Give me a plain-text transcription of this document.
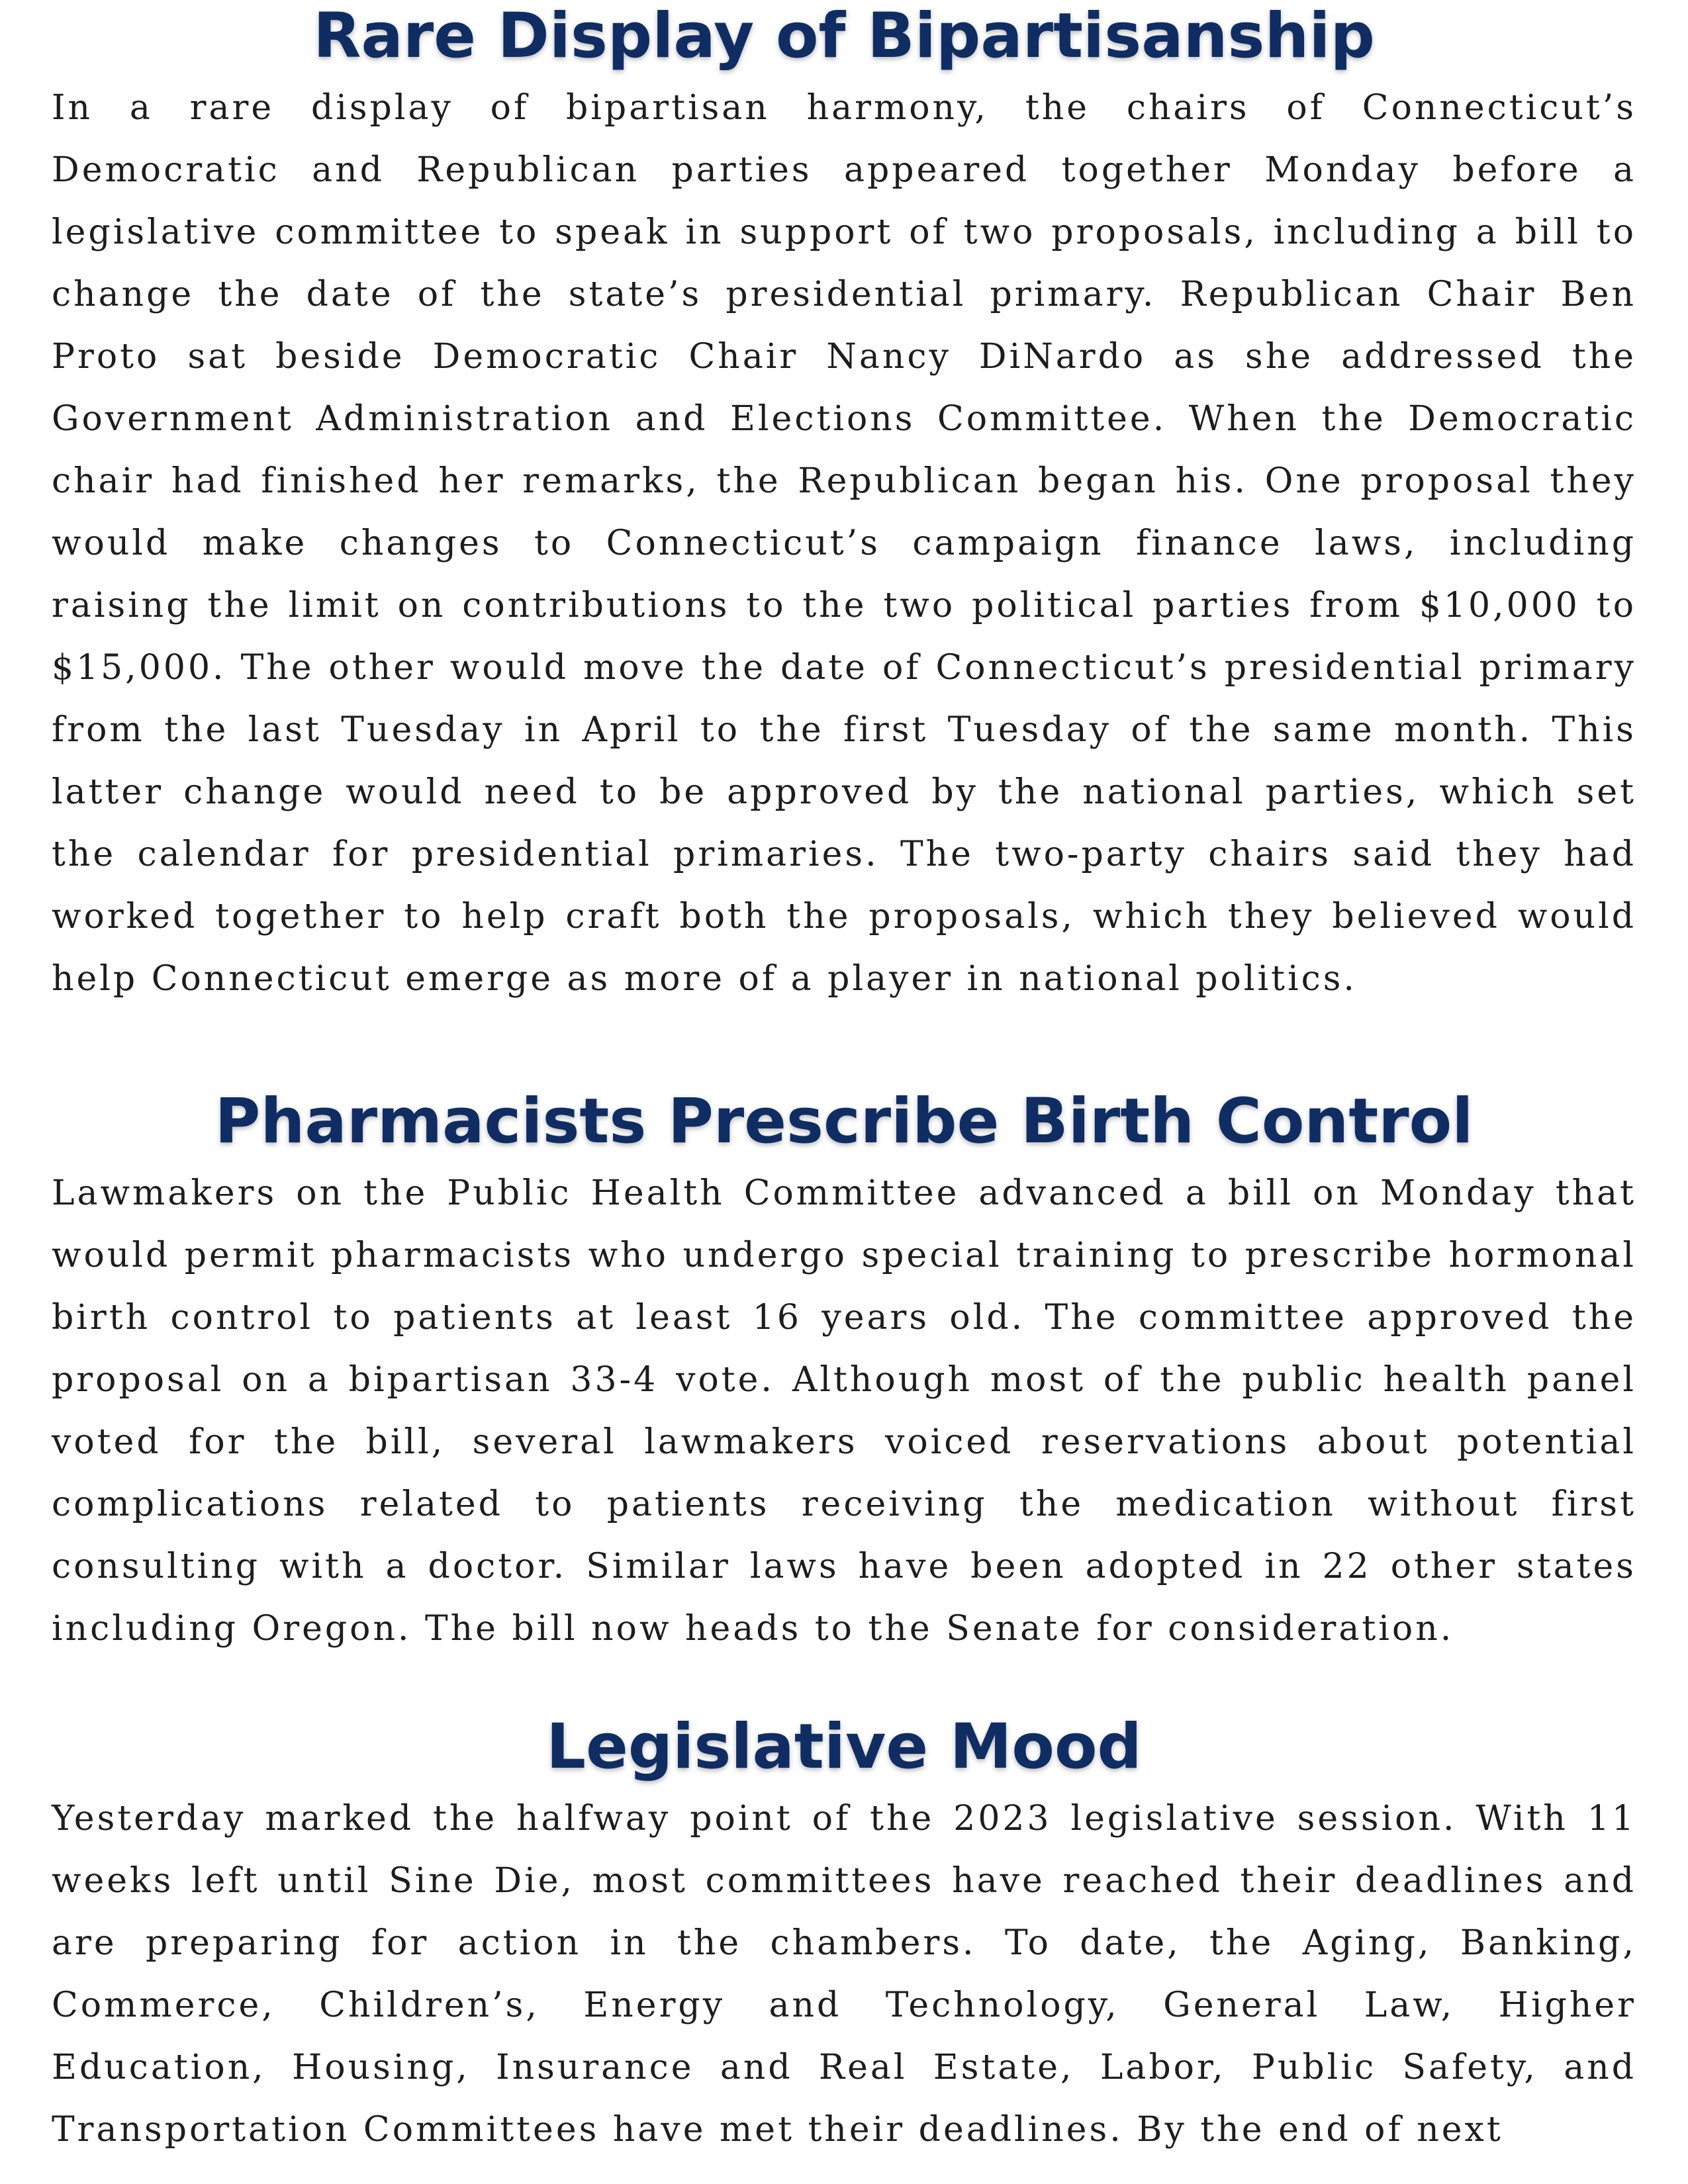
Rare Display of Bipartisanship

In a rare display of bipartisan harmony, the chairs of Connecticut’s Democratic and Republican parties appeared together Monday before a legislative committee to speak in support of two proposals, including a bill to change the date of the state’s presidential primary. Republican Chair Ben Proto sat beside Democratic Chair Nancy DiNardo as she addressed the Government Administration and Elections Committee. When the Democratic chair had finished her remarks, the Republican began his. One proposal they would make changes to Connecticut’s campaign finance laws, including raising the limit on contributions to the two political parties from $10,000 to $15,000. The other would move the date of Connecticut’s presidential primary from the last Tuesday in April to the first Tuesday of the same month. This latter change would need to be approved by the national parties, which set the calendar for presidential primaries. The two-party chairs said they had worked together to help craft both the proposals, which they believed would help Connecticut emerge as more of a player in national politics.

Pharmacists Prescribe Birth Control

Lawmakers on the Public Health Committee advanced a bill on Monday that would permit pharmacists who undergo special training to prescribe hormonal birth control to patients at least 16 years old. The committee approved the proposal on a bipartisan 33-4 vote. Although most of the public health panel voted for the bill, several lawmakers voiced reservations about potential complications related to patients receiving the medication without first consulting with a doctor. Similar laws have been adopted in 22 other states including Oregon. The bill now heads to the Senate for consideration.

Legislative Mood

Yesterday marked the halfway point of the 2023 legislative session. With 11 weeks left until Sine Die, most committees have reached their deadlines and are preparing for action in the chambers. To date, the Aging, Banking, Commerce, Children’s, Energy and Technology, General Law, Higher Education, Housing, Insurance and Real Estate, Labor, Public Safety, and Transportation Committees have met their deadlines. By the end of next
